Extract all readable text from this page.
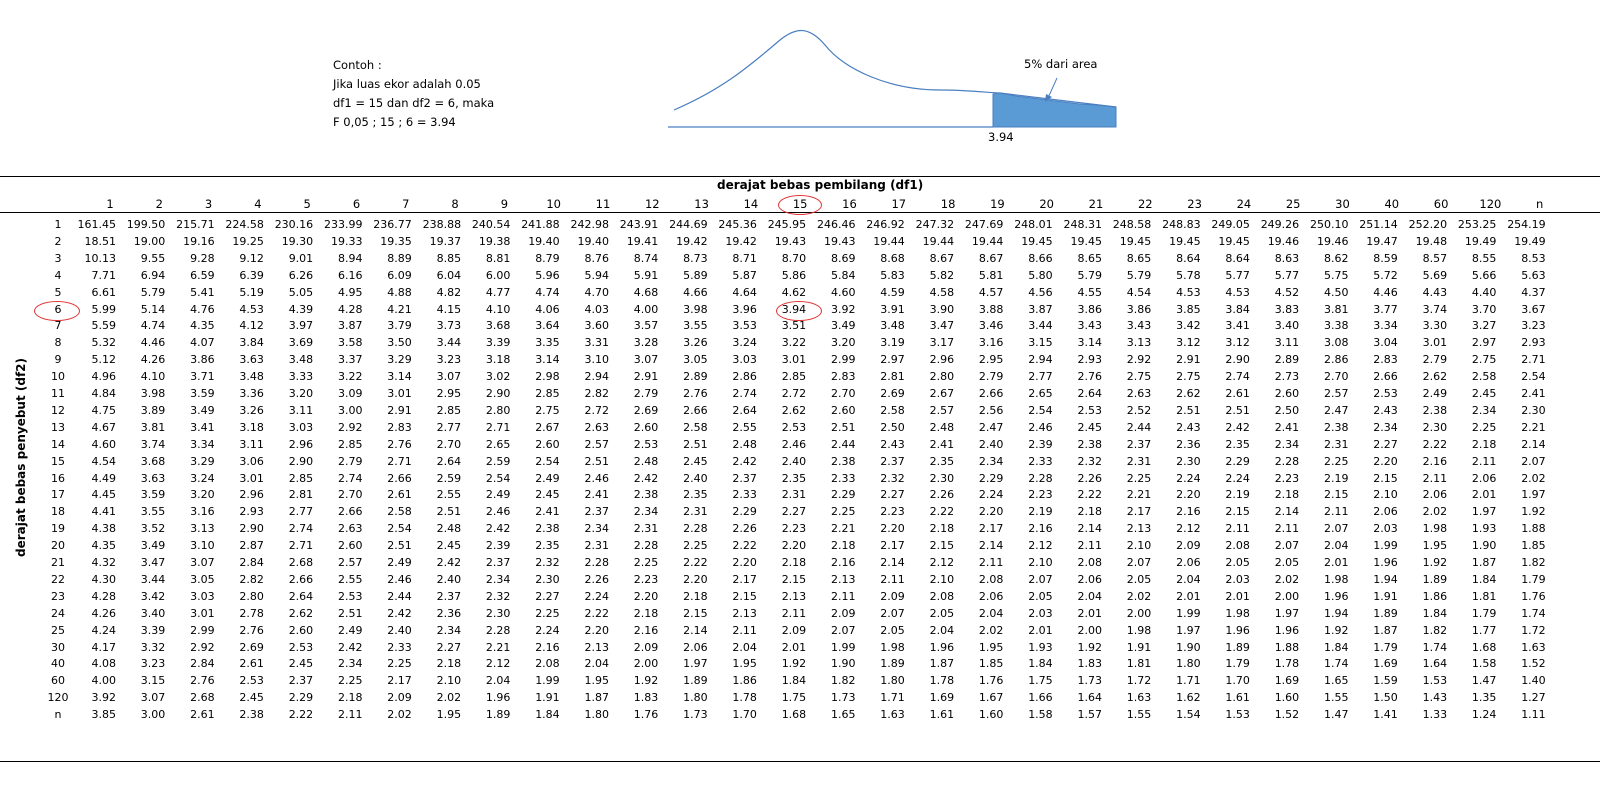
Contoh :
Jika luas ekor adalah 0.05
df1 = 15 dan df2 = 6, maka
F 0,05 ; 15 ; 6 = 3.94
5% dari area
3.94
derajat bebas pembilang (df1)
derajat bebas penyebut (df2)
1	2	3	4	5	6	7	8	9	10	11	12	13	14	15	16	17	18	19	20	21	22	23	24	25	30	40	60	120	n
1	161.45 199.50 215.71 224.58 230.16 233.99 236.77 238.88 240.54 241.88 242.98 243.91 244.69 245.36 245.95 246.46 246.92 247.32 247.69 248.01 248.31 248.58 248.83 249.05 249.26 250.10 251.14 252.20 253.25 254.19
2	18.51	19.00	19.16	19.25	19.30	19.33	19.35	19.37	19.38	19.40	19.40	19.41	19.42	19.42	19.43	19.43	19.44	19.44	19.44	19.45	19.45	19.45	19.45	19.45	19.46	19.46	19.47	19.48	19.49	19.49
3	10.13	9.55	9.28	9.12	9.01	8.94	8.89	8.85	8.81	8.79	8.76	8.74	8.73	8.71	8.70	8.69	8.68	8.67	8.67	8.66	8.65	8.65	8.64	8.64	8.63	8.62	8.59	8.57	8.55	8.53
4	7.71	6.94	6.59	6.39	6.26	6.16	6.09	6.04	6.00	5.96	5.94	5.91	5.89	5.87	5.86	5.84	5.83	5.82	5.81	5.80	5.79	5.79	5.78	5.77	5.77	5.75	5.72	5.69	5.66	5.63
5	6.61	5.79	5.41	5.19	5.05	4.95	4.88	4.82	4.77	4.74	4.70	4.68	4.66	4.64	4.62	4.60	4.59	4.58	4.57	4.56	4.55	4.54	4.53	4.53	4.52	4.50	4.46	4.43	4.40	4.37
6	5.99	5.14	4.76	4.53	4.39	4.28	4.21	4.15	4.10	4.06	4.03	4.00	3.98	3.96	3.94	3.92	3.91	3.90	3.88	3.87	3.86	3.86	3.85	3.84	3.83	3.81	3.77	3.74	3.70	3.67
7	5.59	4.74	4.35	4.12	3.97	3.87	3.79	3.73	3.68	3.64	3.60	3.57	3.55	3.53	3.51	3.49	3.48	3.47	3.46	3.44	3.43	3.43	3.42	3.41	3.40	3.38	3.34	3.30	3.27	3.23
8	5.32	4.46	4.07	3.84	3.69	3.58	3.50	3.44	3.39	3.35	3.31	3.28	3.26	3.24	3.22	3.20	3.19	3.17	3.16	3.15	3.14	3.13	3.12	3.12	3.11	3.08	3.04	3.01	2.97	2.93
9	5.12	4.26	3.86	3.63	3.48	3.37	3.29	3.23	3.18	3.14	3.10	3.07	3.05	3.03	3.01	2.99	2.97	2.96	2.95	2.94	2.93	2.92	2.91	2.90	2.89	2.86	2.83	2.79	2.75	2.71
10	4.96	4.10	3.71	3.48	3.33	3.22	3.14	3.07	3.02	2.98	2.94	2.91	2.89	2.86	2.85	2.83	2.81	2.80	2.79	2.77	2.76	2.75	2.75	2.74	2.73	2.70	2.66	2.62	2.58	2.54
11	4.84	3.98	3.59	3.36	3.20	3.09	3.01	2.95	2.90	2.85	2.82	2.79	2.76	2.74	2.72	2.70	2.69	2.67	2.66	2.65	2.64	2.63	2.62	2.61	2.60	2.57	2.53	2.49	2.45	2.41
12	4.75	3.89	3.49	3.26	3.11	3.00	2.91	2.85	2.80	2.75	2.72	2.69	2.66	2.64	2.62	2.60	2.58	2.57	2.56	2.54	2.53	2.52	2.51	2.51	2.50	2.47	2.43	2.38	2.34	2.30
13	4.67	3.81	3.41	3.18	3.03	2.92	2.83	2.77	2.71	2.67	2.63	2.60	2.58	2.55	2.53	2.51	2.50	2.48	2.47	2.46	2.45	2.44	2.43	2.42	2.41	2.38	2.34	2.30	2.25	2.21
14	4.60	3.74	3.34	3.11	2.96	2.85	2.76	2.70	2.65	2.60	2.57	2.53	2.51	2.48	2.46	2.44	2.43	2.41	2.40	2.39	2.38	2.37	2.36	2.35	2.34	2.31	2.27	2.22	2.18	2.14
15	4.54	3.68	3.29	3.06	2.90	2.79	2.71	2.64	2.59	2.54	2.51	2.48	2.45	2.42	2.40	2.38	2.37	2.35	2.34	2.33	2.32	2.31	2.30	2.29	2.28	2.25	2.20	2.16	2.11	2.07
16	4.49	3.63	3.24	3.01	2.85	2.74	2.66	2.59	2.54	2.49	2.46	2.42	2.40	2.37	2.35	2.33	2.32	2.30	2.29	2.28	2.26	2.25	2.24	2.24	2.23	2.19	2.15	2.11	2.06	2.02
17	4.45	3.59	3.20	2.96	2.81	2.70	2.61	2.55	2.49	2.45	2.41	2.38	2.35	2.33	2.31	2.29	2.27	2.26	2.24	2.23	2.22	2.21	2.20	2.19	2.18	2.15	2.10	2.06	2.01	1.97
18	4.41	3.55	3.16	2.93	2.77	2.66	2.58	2.51	2.46	2.41	2.37	2.34	2.31	2.29	2.27	2.25	2.23	2.22	2.20	2.19	2.18	2.17	2.16	2.15	2.14	2.11	2.06	2.02	1.97	1.92
19	4.38	3.52	3.13	2.90	2.74	2.63	2.54	2.48	2.42	2.38	2.34	2.31	2.28	2.26	2.23	2.21	2.20	2.18	2.17	2.16	2.14	2.13	2.12	2.11	2.11	2.07	2.03	1.98	1.93	1.88
20	4.35	3.49	3.10	2.87	2.71	2.60	2.51	2.45	2.39	2.35	2.31	2.28	2.25	2.22	2.20	2.18	2.17	2.15	2.14	2.12	2.11	2.10	2.09	2.08	2.07	2.04	1.99	1.95	1.90	1.85
21	4.32	3.47	3.07	2.84	2.68	2.57	2.49	2.42	2.37	2.32	2.28	2.25	2.22	2.20	2.18	2.16	2.14	2.12	2.11	2.10	2.08	2.07	2.06	2.05	2.05	2.01	1.96	1.92	1.87	1.82
22	4.30	3.44	3.05	2.82	2.66	2.55	2.46	2.40	2.34	2.30	2.26	2.23	2.20	2.17	2.15	2.13	2.11	2.10	2.08	2.07	2.06	2.05	2.04	2.03	2.02	1.98	1.94	1.89	1.84	1.79
23	4.28	3.42	3.03	2.80	2.64	2.53	2.44	2.37	2.32	2.27	2.24	2.20	2.18	2.15	2.13	2.11	2.09	2.08	2.06	2.05	2.04	2.02	2.01	2.01	2.00	1.96	1.91	1.86	1.81	1.76
24	4.26	3.40	3.01	2.78	2.62	2.51	2.42	2.36	2.30	2.25	2.22	2.18	2.15	2.13	2.11	2.09	2.07	2.05	2.04	2.03	2.01	2.00	1.99	1.98	1.97	1.94	1.89	1.84	1.79	1.74
25	4.24	3.39	2.99	2.76	2.60	2.49	2.40	2.34	2.28	2.24	2.20	2.16	2.14	2.11	2.09	2.07	2.05	2.04	2.02	2.01	2.00	1.98	1.97	1.96	1.96	1.92	1.87	1.82	1.77	1.72
30	4.17	3.32	2.92	2.69	2.53	2.42	2.33	2.27	2.21	2.16	2.13	2.09	2.06	2.04	2.01	1.99	1.98	1.96	1.95	1.93	1.92	1.91	1.90	1.89	1.88	1.84	1.79	1.74	1.68	1.63
40	4.08	3.23	2.84	2.61	2.45	2.34	2.25	2.18	2.12	2.08	2.04	2.00	1.97	1.95	1.92	1.90	1.89	1.87	1.85	1.84	1.83	1.81	1.80	1.79	1.78	1.74	1.69	1.64	1.58	1.52
60	4.00	3.15	2.76	2.53	2.37	2.25	2.17	2.10	2.04	1.99	1.95	1.92	1.89	1.86	1.84	1.82	1.80	1.78	1.76	1.75	1.73	1.72	1.71	1.70	1.69	1.65	1.59	1.53	1.47	1.40
120	3.92	3.07	2.68	2.45	2.29	2.18	2.09	2.02	1.96	1.91	1.87	1.83	1.80	1.78	1.75	1.73	1.71	1.69	1.67	1.66	1.64	1.63	1.62	1.61	1.60	1.55	1.50	1.43	1.35	1.27
n	3.85	3.00	2.61	2.38	2.22	2.11	2.02	1.95	1.89	1.84	1.80	1.76	1.73	1.70	1.68	1.65	1.63	1.61	1.60	1.58	1.57	1.55	1.54	1.53	1.52	1.47	1.41	1.33	1.24	1.11
